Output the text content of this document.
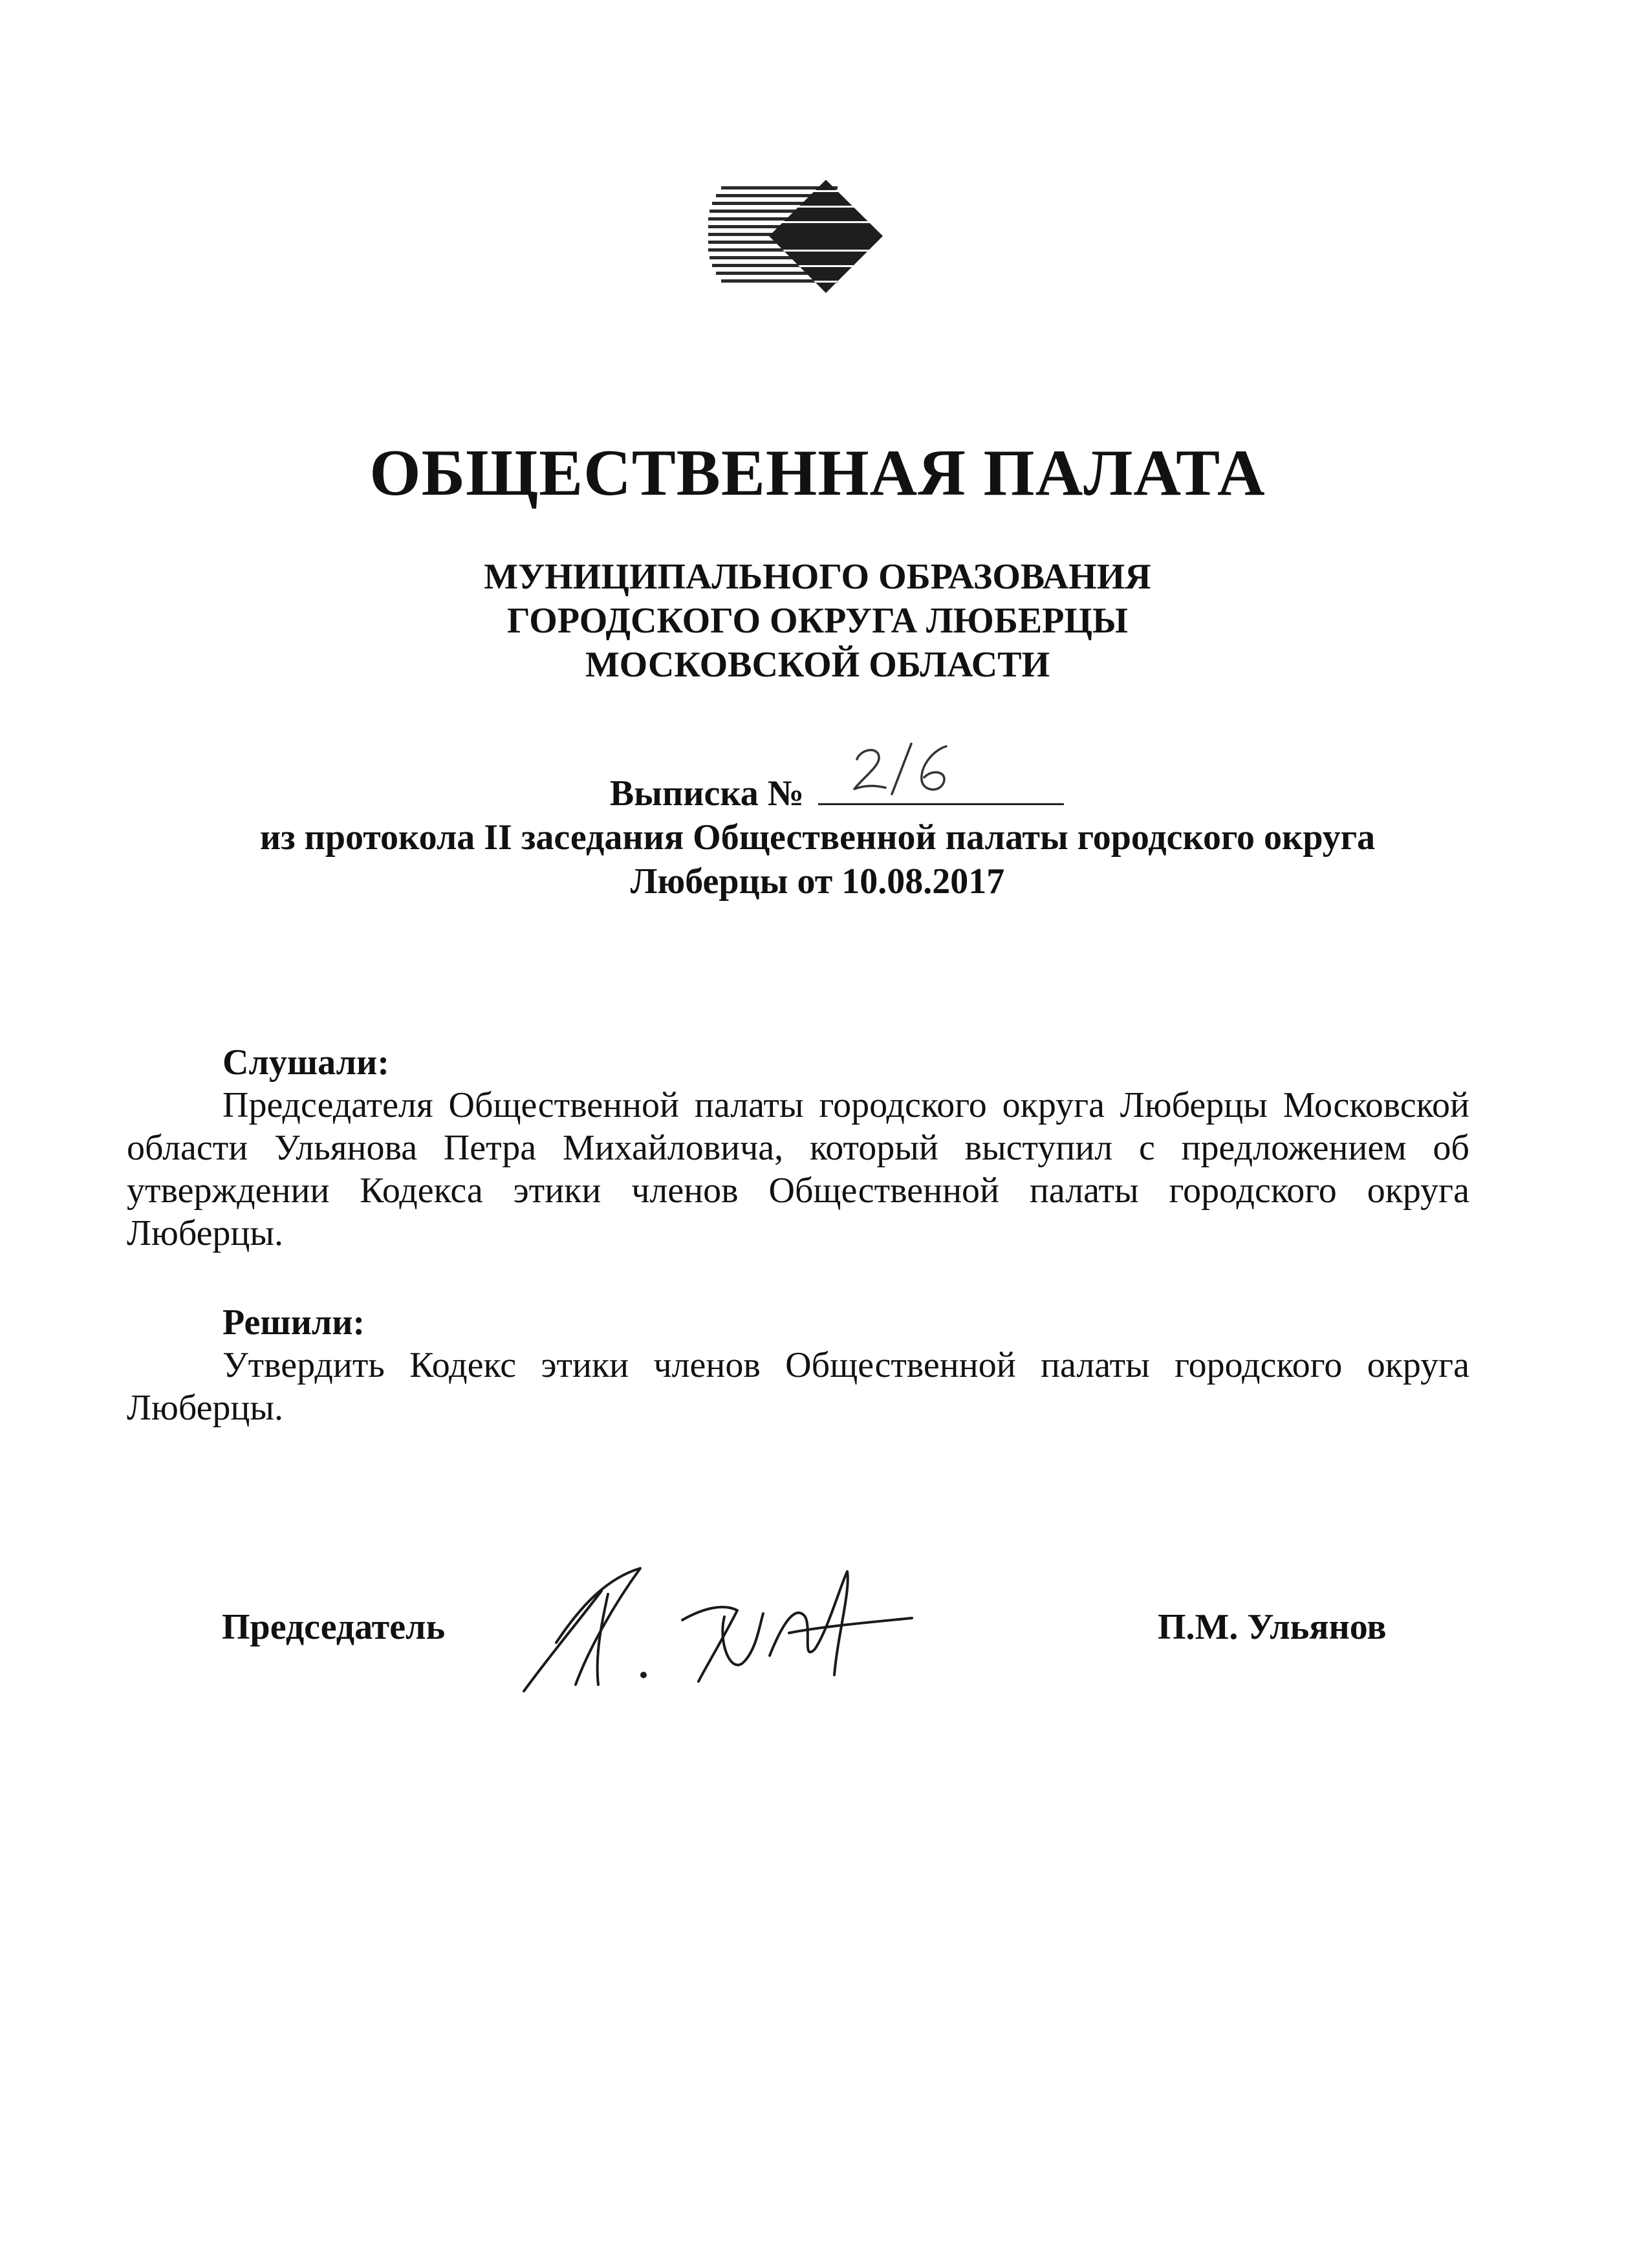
ОБЩЕСТВЕННАЯ ПАЛАТА
МУНИЦИПАЛЬНОГО ОБРАЗОВАНИЯ
ГОРОДСКОГО ОКРУГА ЛЮБЕРЦЫ
МОСКОВСКОЙ ОБЛАСТИ
Выписка №
из протокола II заседания Общественной палаты городского округа
Люберцы от 10.08.2017
Слушали:

Председателя Общественной палаты городского округа Люберцы Московской области Ульянова Петра Михайловича, который выступил с предложением об утверждении Кодекса этики членов Общественной палаты городского округа Люберцы.

Решили:

Утвердить Кодекс этики членов Общественной палаты городского округа Люберцы.

Председатель	П.М. Ульянов
